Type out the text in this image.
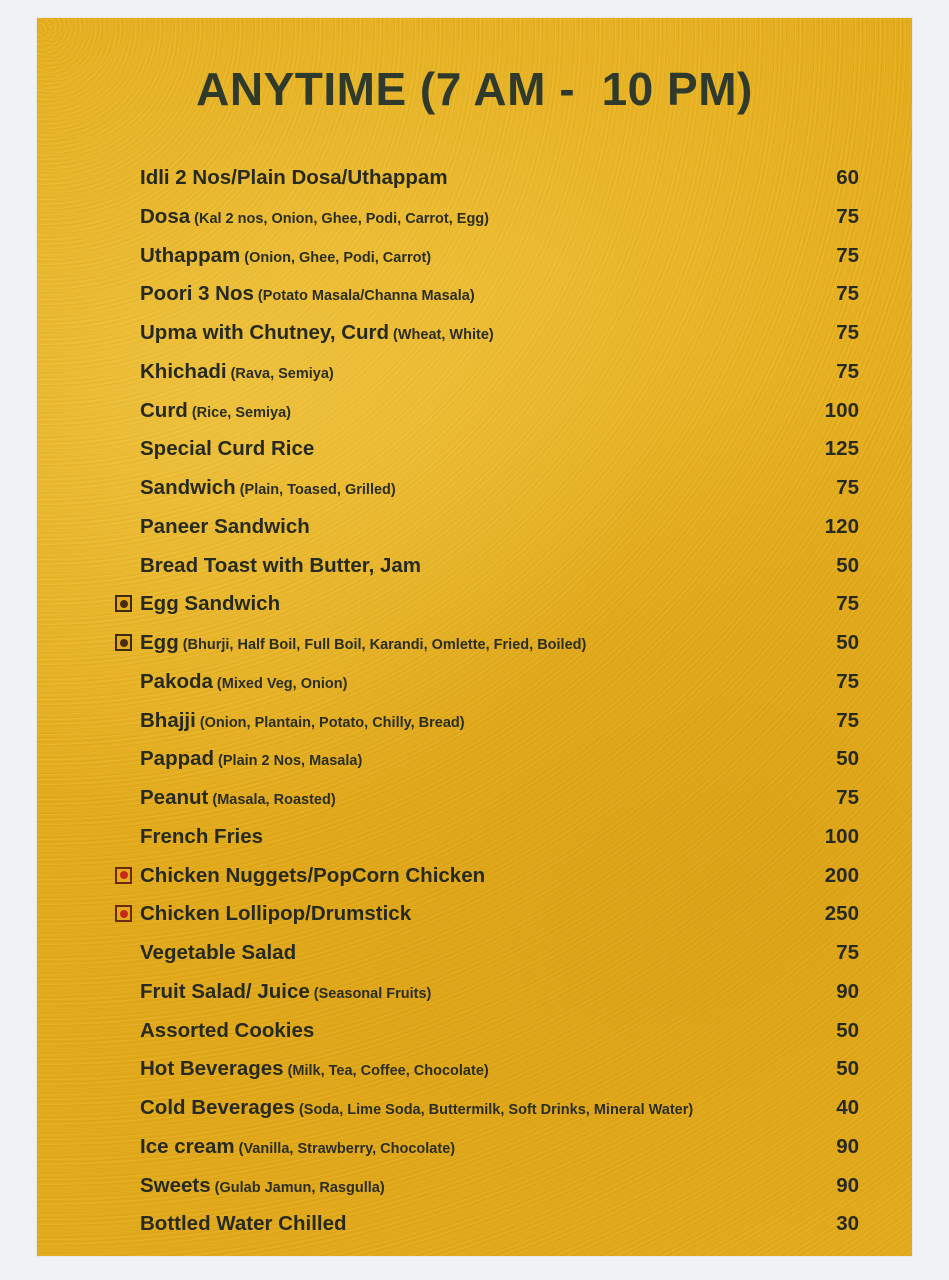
ANYTIME (7 AM -  10 PM)
Idli 2 Nos/Plain Dosa/Uthappam	60
Dosa (Kal 2 nos, Onion, Ghee, Podi, Carrot, Egg)	75
Uthappam (Onion, Ghee, Podi, Carrot)	75
Poori 3 Nos (Potato Masala/Channa Masala)	75
Upma with Chutney, Curd (Wheat, White)	75
Khichadi (Rava, Semiya)	75
Curd (Rice, Semiya)	100
Special Curd Rice	125
Sandwich (Plain, Toased, Grilled)	75
Paneer Sandwich	120
Bread Toast with Butter, Jam	50
Egg Sandwich	75
Egg (Bhurji, Half Boil, Full Boil, Karandi, Omlette, Fried, Boiled)	50
Pakoda (Mixed Veg, Onion)	75
Bhajji (Onion, Plantain, Potato, Chilly, Bread)	75
Pappad (Plain 2 Nos, Masala)	50
Peanut (Masala, Roasted)	75
French Fries	100
Chicken Nuggets/PopCorn Chicken	200
Chicken Lollipop/Drumstick	250
Vegetable Salad	75
Fruit Salad/ Juice (Seasonal Fruits)	90
Assorted Cookies	50
Hot Beverages (Milk, Tea, Coffee, Chocolate)	50
Cold Beverages (Soda, Lime Soda, Buttermilk, Soft Drinks, Mineral Water)	40
Ice cream (Vanilla, Strawberry, Chocolate)	90
Sweets (Gulab Jamun, Rasgulla)	90
Bottled Water Chilled	30
